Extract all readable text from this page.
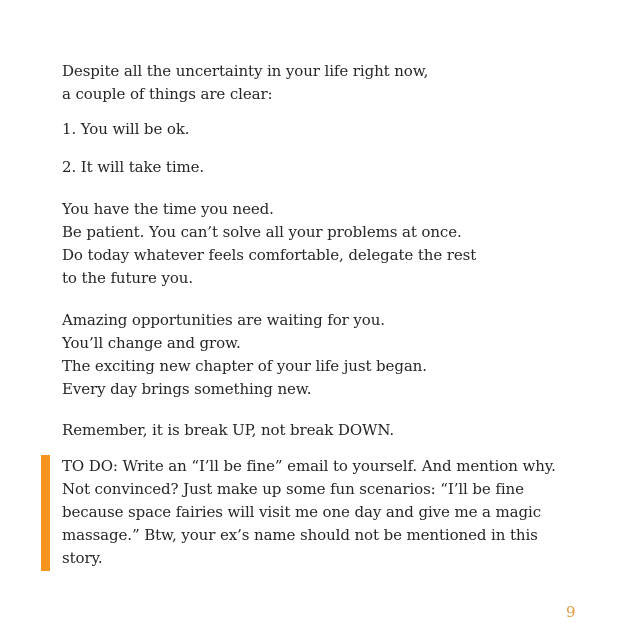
Despite all the uncertainty in your life right now,
a couple of things are clear:
1. You will be ok.
2. It will take time.
You have the time you need.
Be patient. You can’t solve all your problems at once.
Do today whatever feels comfortable, delegate the rest
to the future you.
Amazing opportunities are waiting for you.
You’ll change and grow.
The exciting new chapter of your life just began.
Every day brings something new.
Remember, it is break UP, not break DOWN.
TO DO: Write an “I’ll be fine” email to yourself. And mention why.
Not convinced? Just make up some fun scenarios: “I’ll be fine
because space fairies will visit me one day and give me a magic
massage.” Btw, your ex’s name should not be mentioned in this
story.
9
